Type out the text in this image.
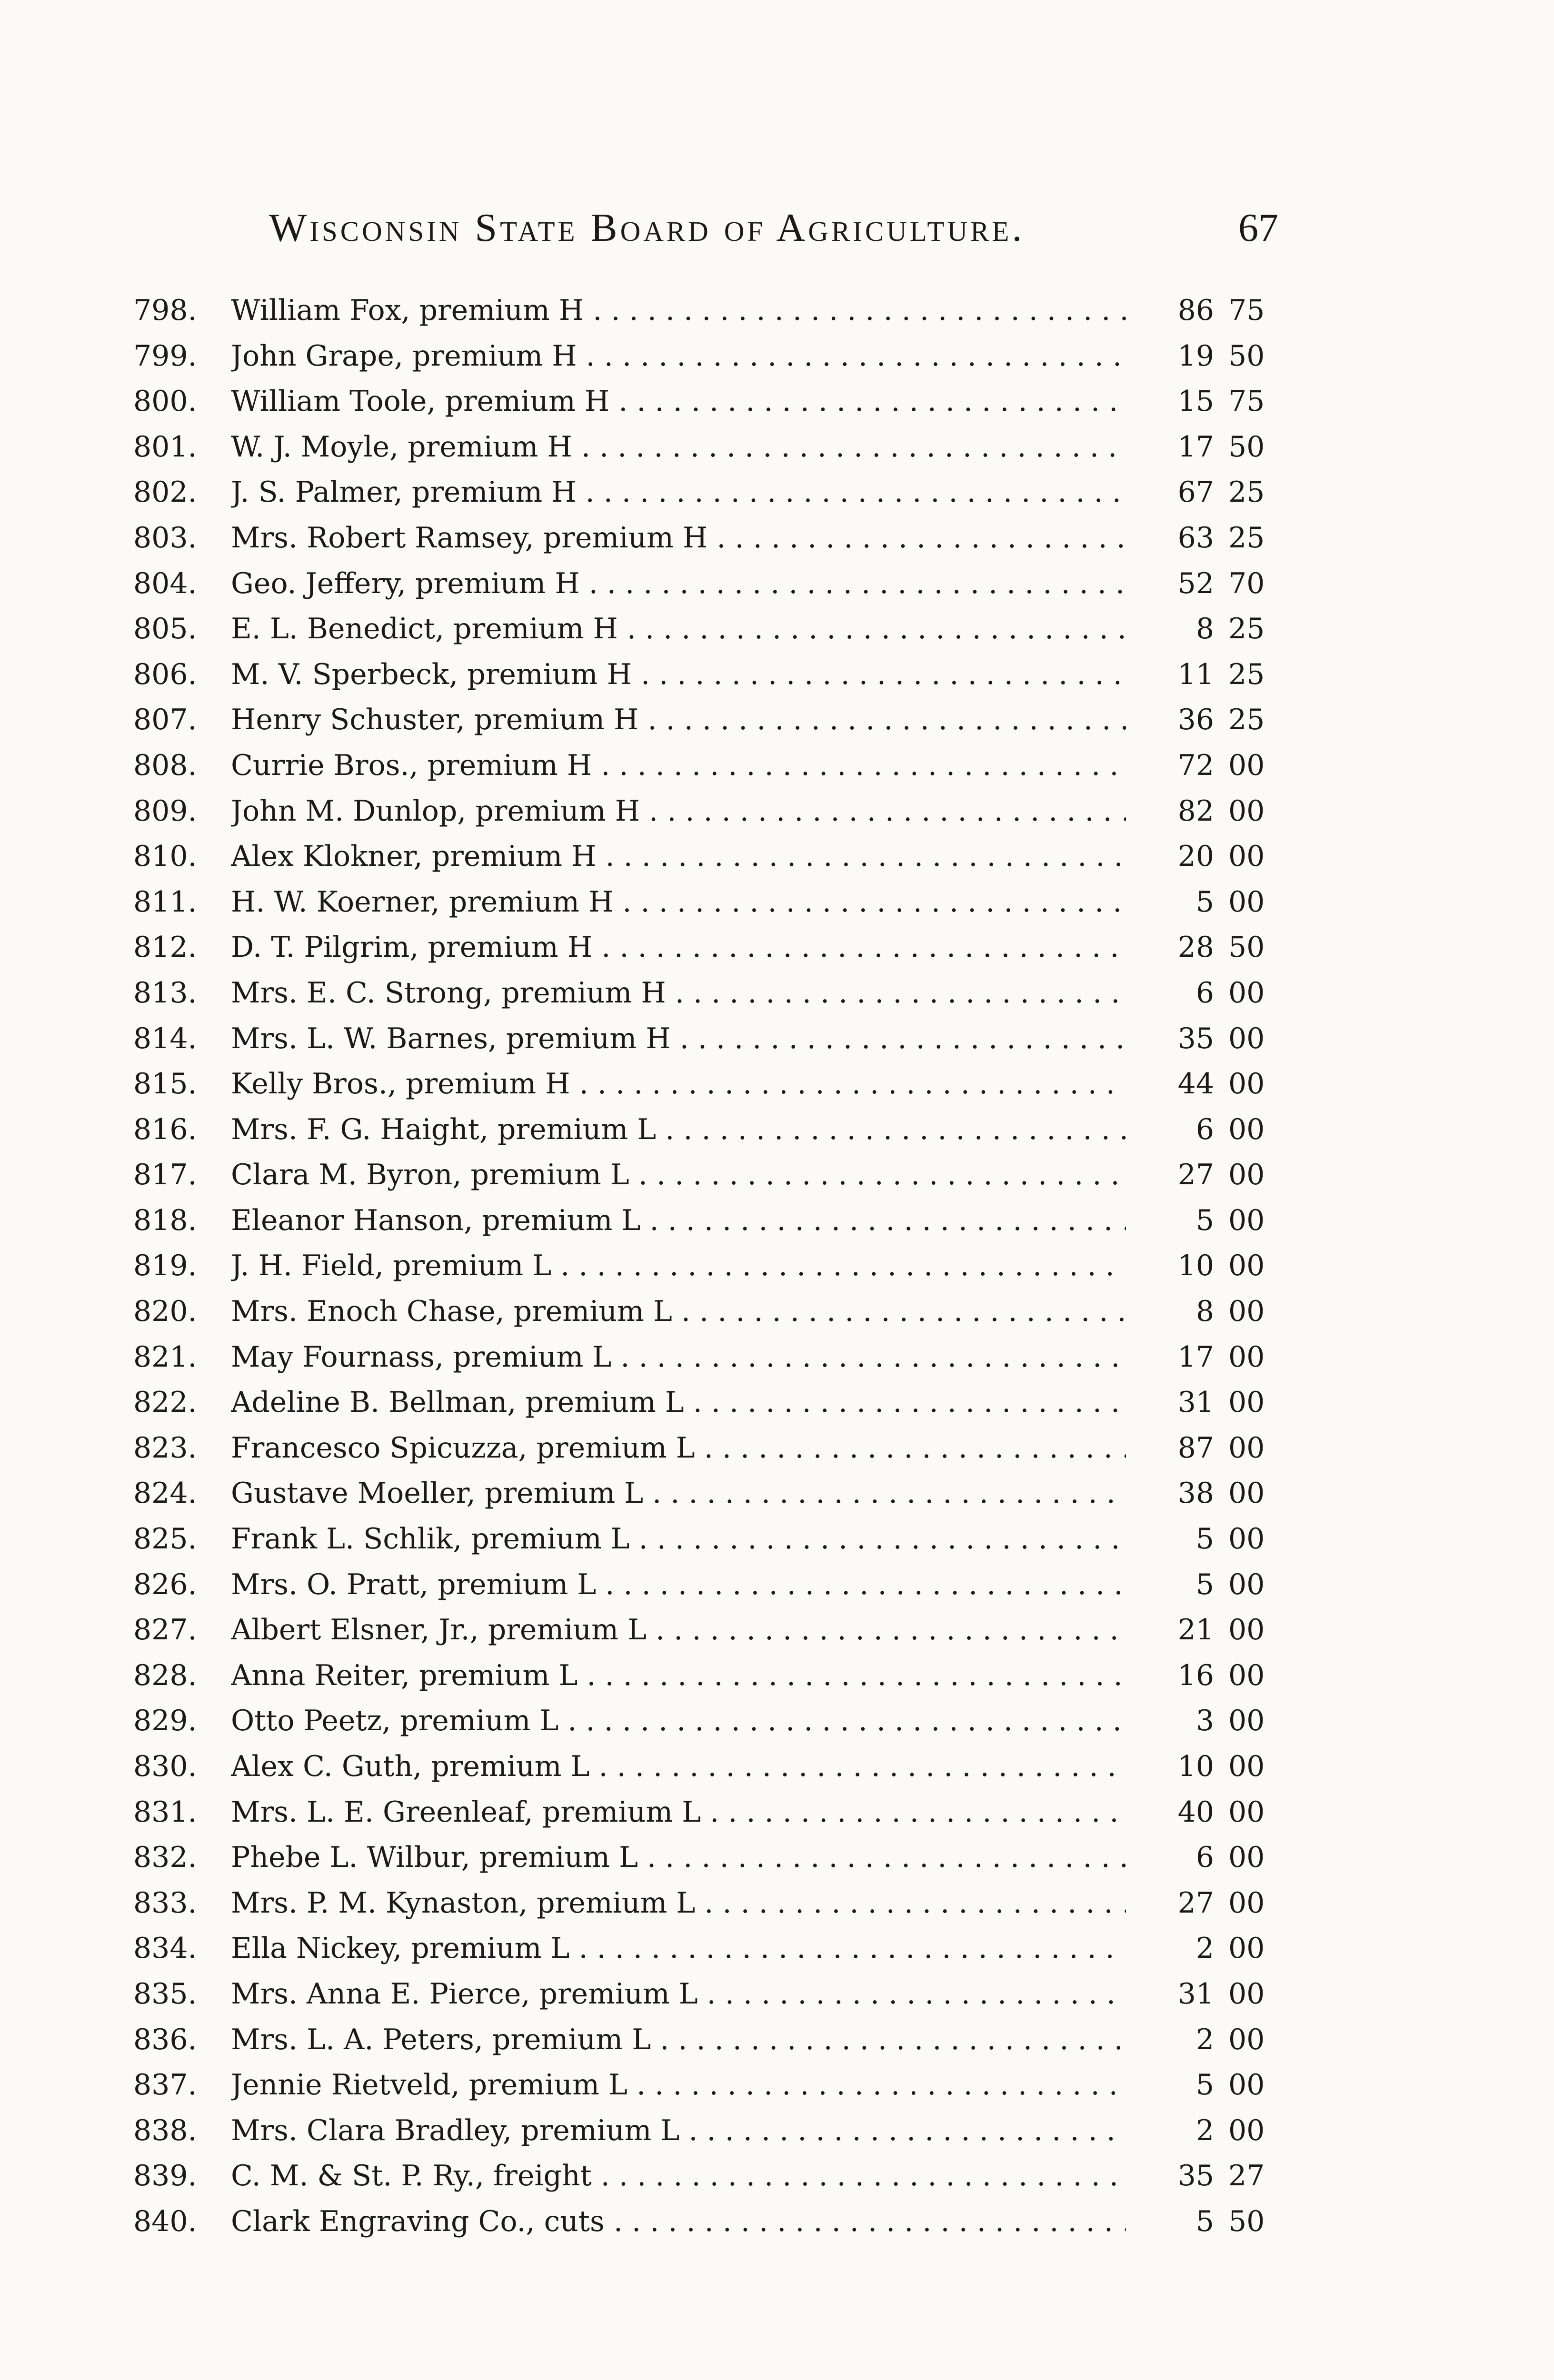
Wisconsin State Board of Agriculture.	67
798.	William Fox, premium H . . .	86 75
799.	John Grape, premium H . . .	19 50
800.	William Toole, premium H . . .	15 75
801.	W. J. Moyle, premium H . . .	17 50
802.	J. S. Palmer, premium H . . .	67 25
803.	Mrs. Robert Ramsey, premium H . . .	63 25
804.	Geo. Jeffery, premium H . . .	52 70
805.	E. L. Benedict, premium H . . .	8 25
806.	M. V. Sperbeck, premium H . . .	11 25
807.	Henry Schuster, premium H . . .	36 25
808.	Currie Bros., premium H . . .	72 00
809.	John M. Dunlop, premium H . . .	82 00
810.	Alex Klokner, premium H . . .	20 00
811.	H. W. Koerner, premium H . . .	5 00
812.	D. T. Pilgrim, premium H . . .	28 50
813.	Mrs. E. C. Strong, premium H . . .	6 00
814.	Mrs. L. W. Barnes, premium H . . .	35 00
815.	Kelly Bros., premium H . . .	44 00
816.	Mrs. F. G. Haight, premium L . . .	6 00
817.	Clara M. Byron, premium L . . .	27 00
818.	Eleanor Hanson, premium L . . .	5 00
819.	J. H. Field, premium L . . .	10 00
820.	Mrs. Enoch Chase, premium L . . .	8 00
821.	May Fournass, premium L . . .	17 00
822.	Adeline B. Bellman, premium L . . .	31 00
823.	Francesco Spicuzza, premium L . . .	87 00
824.	Gustave Moeller, premium L . . .	38 00
825.	Frank L. Schlik, premium L . . .	5 00
826.	Mrs. O. Pratt, premium L . . .	5 00
827.	Albert Elsner, Jr., premium L . . .	21 00
828.	Anna Reiter, premium L . . .	16 00
829.	Otto Peetz, premium L . . .	3 00
830.	Alex C. Guth, premium L . . .	10 00
831.	Mrs. L. E. Greenleaf, premium L . . .	40 00
832.	Phebe L. Wilbur, premium L . . .	6 00
833.	Mrs. P. M. Kynaston, premium L . . .	27 00
834.	Ella Nickey, premium L . . .	2 00
835.	Mrs. Anna E. Pierce, premium L . . .	31 00
836.	Mrs. L. A. Peters, premium L . . .	2 00
837.	Jennie Rietveld, premium L . . .	5 00
838.	Mrs. Clara Bradley, premium L . . .	2 00
839.	C. M. & St. P. Ry., freight . . .	35 27
840.	Clark Engraving Co., cuts . . .	5 50
